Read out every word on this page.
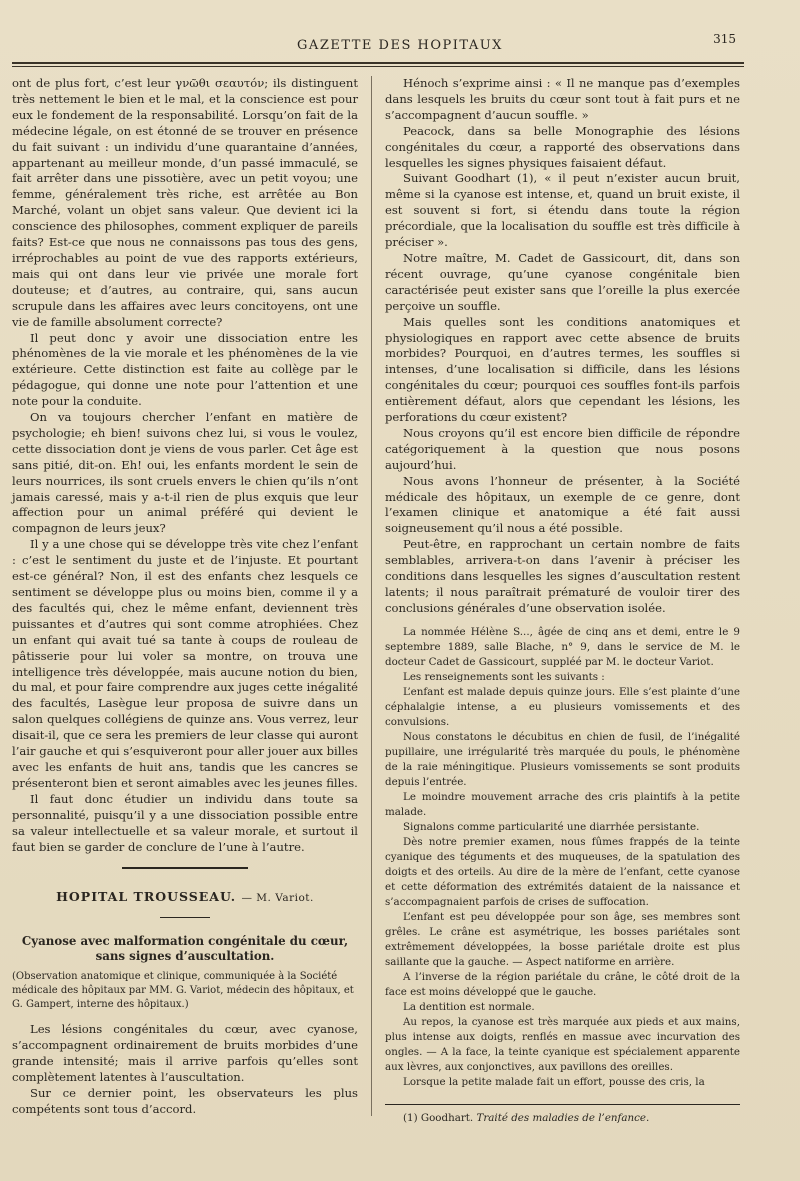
GAZETTE DES HOPITAUX	315

ont de plus fort, c’est leur γνῶθι σεαυτόν; ils distinguent très nettement le bien et le mal, et la conscience est pour eux le fondement de la responsabilité. Lorsqu’on fait de la médecine légale, on est étonné de se trouver en présence du fait suivant : un individu d’une quarantaine d’années, appartenant au meilleur monde, d’un passé immaculé, se fait arrêter dans une pissotière, avec un petit voyou; une femme, généralement très riche, est arrêtée au Bon Marché, volant un objet sans valeur. Que devient ici la conscience des philosophes, comment expliquer de pareils faits? Est-ce que nous ne connaissons pas tous des gens, irréprochables au point de vue des rapports extérieurs, mais qui ont dans leur vie privée une morale fort douteuse; et d’autres, au contraire, qui, sans aucun scrupule dans les affaires avec leurs concitoyens, ont une vie de famille absolument correcte?

Il peut donc y avoir une dissociation entre les phénomènes de la vie morale et les phénomènes de la vie extérieure. Cette distinction est faite au collège par le pédagogue, qui donne une note pour l’attention et une note pour la conduite.

On va toujours chercher l’enfant en matière de psychologie; eh bien! suivons chez lui, si vous le voulez, cette dissociation dont je viens de vous parler. Cet âge est sans pitié, dit-on. Eh! oui, les enfants mordent le sein de leurs nourrices, ils sont cruels envers le chien qu’ils n’ont jamais caressé, mais y a-t-il rien de plus exquis que leur affection pour un animal préféré qui devient le compagnon de leurs jeux?

Il y a une chose qui se développe très vite chez l’enfant : c’est le sentiment du juste et de l’injuste. Et pourtant est-ce général? Non, il est des enfants chez lesquels ce sentiment se développe plus ou moins bien, comme il y a des facultés qui, chez le même enfant, deviennent très puissantes et d’autres qui sont comme atrophiées. Chez un enfant qui avait tué sa tante à coups de rouleau de pâtisserie pour lui voler sa montre, on trouva une intelligence très développée, mais aucune notion du bien, du mal, et pour faire comprendre aux juges cette inégalité des facultés, Lasègue leur proposa de suivre dans un salon quelques collégiens de quinze ans. Vous verrez, leur disait-il, que ce sera les premiers de leur classe qui auront l’air gauche et qui s’esquiveront pour aller jouer aux billes avec les enfants de huit ans, tandis que les cancres se présenteront bien et seront aimables avec les jeunes filles.

Il faut donc étudier un individu dans toute sa personnalité, puisqu’il y a une dissociation possible entre sa valeur intellectuelle et sa valeur morale, et surtout il faut bien se garder de conclure de l’une à l’autre.

HOPITAL TROUSSEAU. — M. Variot.
Cyanose avec malformation congénitale du cœur, sans signes d’auscultation.
(Observation anatomique et clinique, communiquée à la Société médicale des hôpitaux par MM. G. Variot, médecin des hôpitaux, et G. Gampert, interne des hôpitaux.)

Les lésions congénitales du cœur, avec cyanose, s’accompagnent ordinairement de bruits morbides d’une grande intensité; mais il arrive parfois qu’elles sont complètement latentes à l’auscultation.

Sur ce dernier point, les observateurs les plus compétents sont tous d’accord.

Hénoch s’exprime ainsi : « Il ne manque pas d’exemples dans lesquels les bruits du cœur sont tout à fait purs et ne s’accompagnent d’aucun souffle. »

Peacock, dans sa belle Monographie des lésions congénitales du cœur, a rapporté des observations dans lesquelles les signes physiques faisaient défaut.

Suivant Goodhart (1), « il peut n’exister aucun bruit, même si la cyanose est intense, et, quand un bruit existe, il est souvent si fort, si étendu dans toute la région précordiale, que la localisation du souffle est très difficile à préciser ».

Notre maître, M. Cadet de Gassicourt, dit, dans son récent ouvrage, qu’une cyanose congénitale bien caractérisée peut exister sans que l’oreille la plus exercée perçoive un souffle.

Mais quelles sont les conditions anatomiques et physiologiques en rapport avec cette absence de bruits morbides? Pourquoi, en d’autres termes, les souffles si intenses, d’une localisation si difficile, dans les lésions congénitales du cœur; pourquoi ces souffles font-ils parfois entièrement défaut, alors que cependant les lésions, les perforations du cœur existent?

Nous croyons qu’il est encore bien difficile de répondre catégoriquement à la question que nous posons aujourd’hui.

Nous avons l’honneur de présenter, à la Société médicale des hôpitaux, un exemple de ce genre, dont l’examen clinique et anatomique a été fait aussi soigneusement qu’il nous a été possible.

Peut-être, en rapprochant un certain nombre de faits semblables, arrivera-t-on dans l’avenir à préciser les conditions dans lesquelles les signes d’auscultation restent latents; il nous paraîtrait prématuré de vouloir tirer des conclusions générales d’une observation isolée.

La nommée Hélène S..., âgée de cinq ans et demi, entre le 9 septembre 1889, salle Blache, n° 9, dans le service de M. le docteur Cadet de Gassicourt, suppléé par M. le docteur Variot.

Les renseignements sont les suivants :

L’enfant est malade depuis quinze jours. Elle s’est plainte d’une céphalalgie intense, a eu plusieurs vomissements et des convulsions.

Nous constatons le décubitus en chien de fusil, de l’inégalité pupillaire, une irrégularité très marquée du pouls, le phénomène de la raie méningitique. Plusieurs vomissements se sont produits depuis l’entrée.

Le moindre mouvement arrache des cris plaintifs à la petite malade.

Signalons comme particularité une diarrhée persistante.

Dès notre premier examen, nous fûmes frappés de la teinte cyanique des téguments et des muqueuses, de la spatulation des doigts et des orteils. Au dire de la mère de l’enfant, cette cyanose et cette déformation des extrémités dataient de la naissance et s’accompagnaient parfois de crises de suffocation.

L’enfant est peu développée pour son âge, ses membres sont grêles. Le crâne est asymétrique, les bosses pariétales sont extrêmement développées, la bosse pariétale droite est plus saillante que la gauche. — Aspect natiforme en arrière.

A l’inverse de la région pariétale du crâne, le côté droit de la face est moins développé que le gauche.

La dentition est normale.

Au repos, la cyanose est très marquée aux pieds et aux mains, plus intense aux doigts, renflés en massue avec incurvation des ongles. — A la face, la teinte cyanique est spécialement apparente aux lèvres, aux conjonctives, aux pavillons des oreilles.

Lorsque la petite malade fait un effort, pousse des cris, la

(1) Goodhart. Traité des maladies de l’enfance.
